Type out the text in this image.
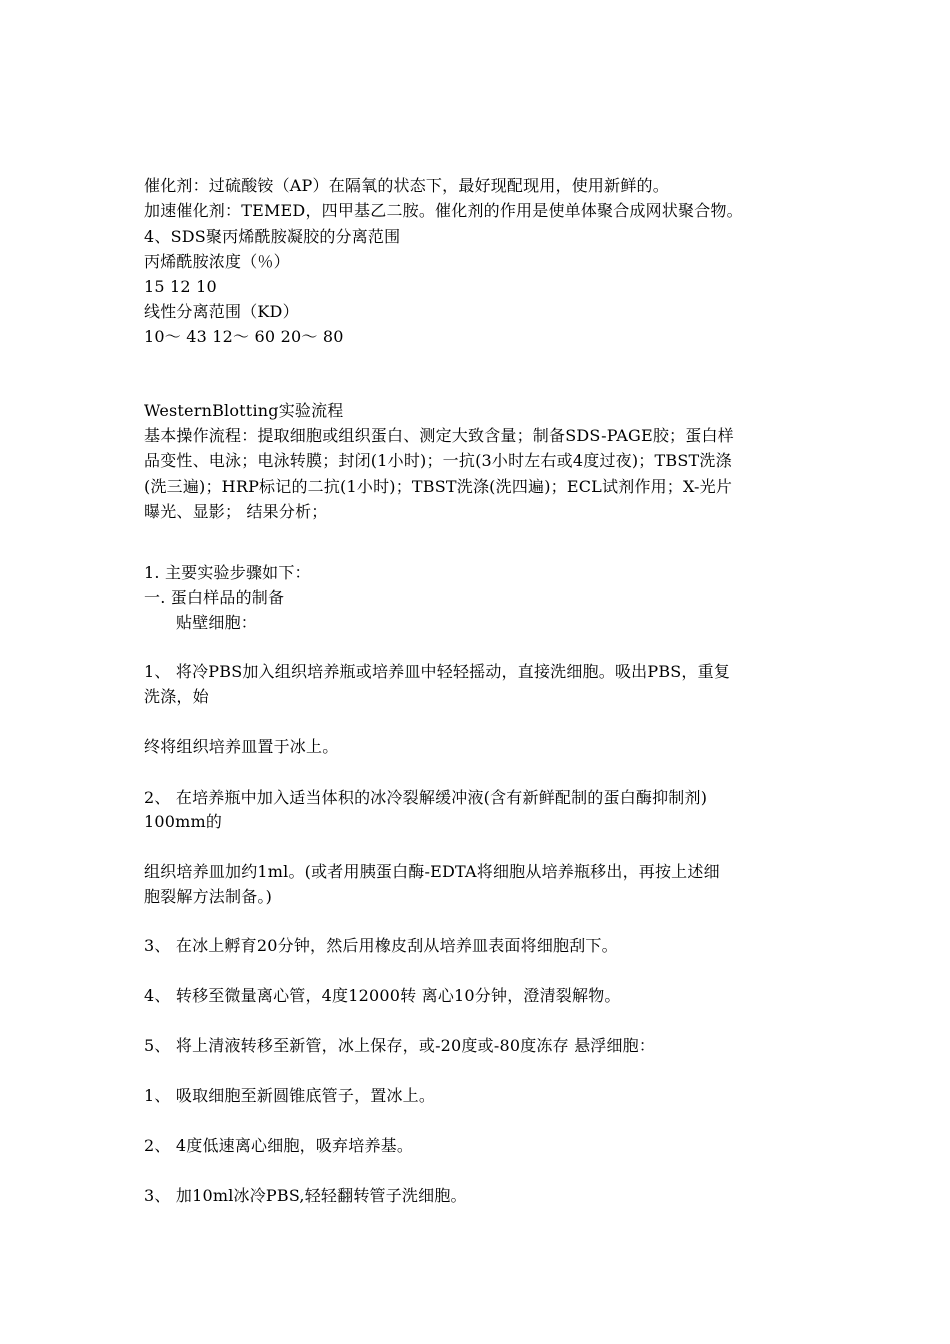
催化剂：过硫酸铵（AP）在隔氧的状态下，最好现配现用，使用新鲜的。
加速催化剂：TEMED，四甲基乙二胺。催化剂的作用是使单体聚合成网状聚合物。
4、SDS聚丙烯酰胺凝胶的分离范围
丙烯酰胺浓度（％）
15 12 10
线性分离范围（KD）
10～ 43 12～ 60 20～ 80
WesternBlotting实验流程
基本操作流程：提取细胞或组织蛋白、测定大致含量；制备SDS-PAGE胶；蛋白样
品变性、电泳；电泳转膜；封闭(1小时)；一抗(3小时左右或4度过夜)；TBST洗涤
(洗三遍)；HRP标记的二抗(1小时)；TBST洗涤(洗四遍)；ECL试剂作用；X-光片
曝光、显影； 结果分析；
1. 主要实验步骤如下：
一. 蛋白样品的制备
贴壁细胞：
1、 将冷PBS加入组织培养瓶或培养皿中轻轻摇动，直接洗细胞。吸出PBS，重复
洗涤，始
终将组织培养皿置于冰上。
2、 在培养瓶中加入适当体积的冰冷裂解缓冲液(含有新鲜配制的蛋白酶抑制剂)
100mm的
组织培养皿加约1ml。(或者用胰蛋白酶-EDTA将细胞从培养瓶移出，再按上述细
胞裂解方法制备。)
3、 在冰上孵育20分钟，然后用橡皮刮从培养皿表面将细胞刮下。
4、 转移至微量离心管，4度12000转 离心10分钟，澄清裂解物。
5、 将上清液转移至新管，冰上保存，或-20度或-80度冻存 悬浮细胞：
1、 吸取细胞至新圆锥底管子，置冰上。
2、 4度低速离心细胞，吸弃培养基。
3、 加10ml冰冷PBS,轻轻翻转管子洗细胞。
